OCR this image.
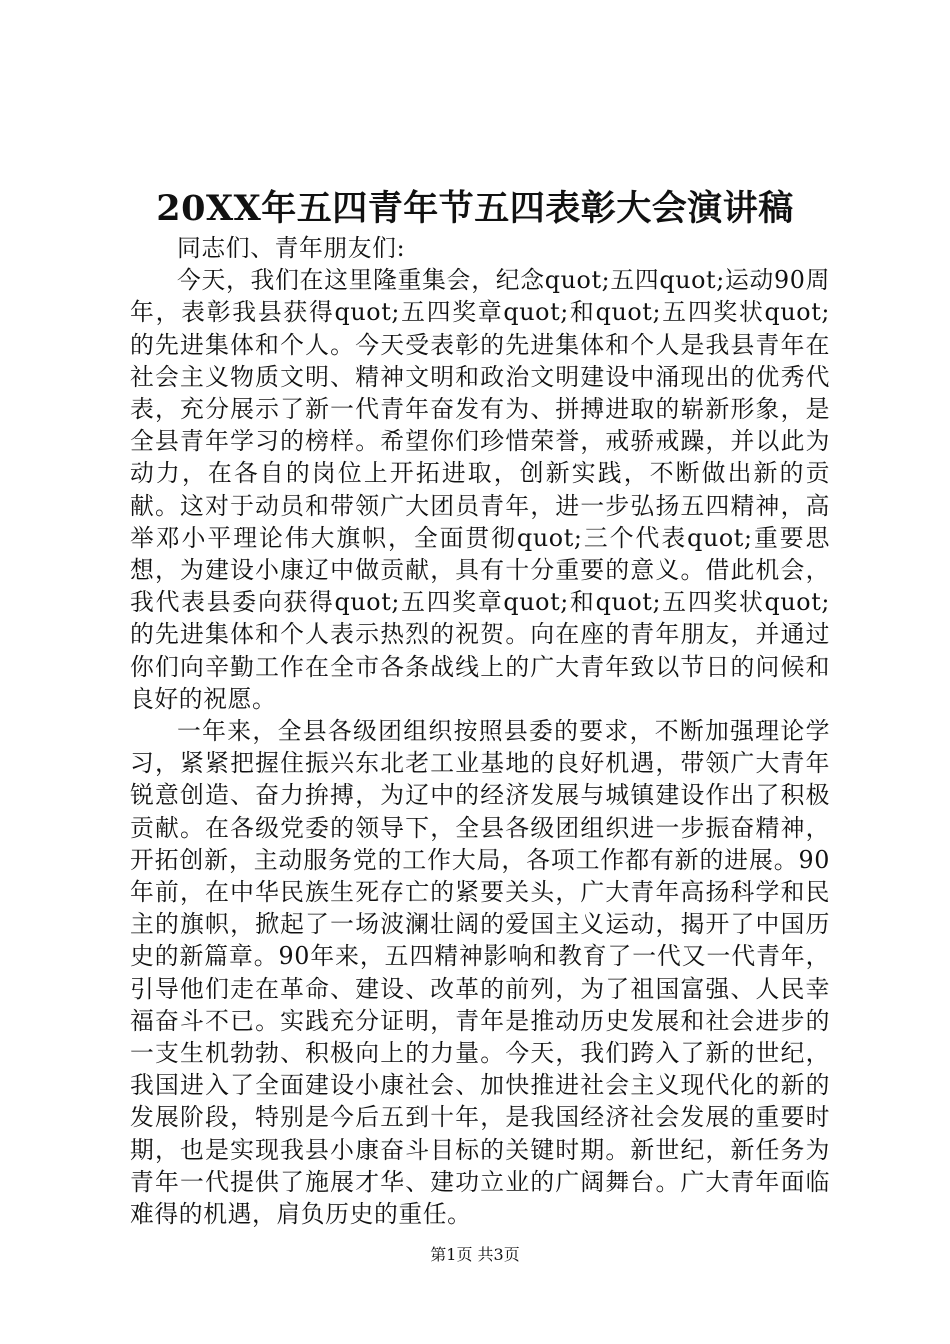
20XX年五四青年节五四表彰大会演讲稿

同志们、青年朋友们:

今天，我们在这里隆重集会，纪念quot;五四quot;运动90周年，表彰我县获得quot;五四奖章quot;和quot;五四奖状quot;的先进集体和个人。今天受表彰的先进集体和个人是我县青年在社会主义物质文明、精神文明和政治文明建设中涌现出的优秀代表，充分展示了新一代青年奋发有为、拼搏进取的崭新形象，是全县青年学习的榜样。希望你们珍惜荣誉，戒骄戒躁，并以此为动力，在各自的岗位上开拓进取，创新实践，不断做出新的贡献。这对于动员和带领广大团员青年，进一步弘扬五四精神，高举邓小平理论伟大旗帜，全面贯彻quot;三个代表quot;重要思想，为建设小康辽中做贡献，具有十分重要的意义。借此机会，我代表县委向获得quot;五四奖章quot;和quot;五四奖状quot;的先进集体和个人表示热烈的祝贺。向在座的青年朋友，并通过你们向辛勤工作在全市各条战线上的广大青年致以节日的问候和良好的祝愿。

一年来，全县各级团组织按照县委的要求，不断加强理论学习，紧紧把握住振兴东北老工业基地的良好机遇，带领广大青年锐意创造、奋力拚搏，为辽中的经济发展与城镇建设作出了积极贡献。在各级党委的领导下，全县各级团组织进一步振奋精神，开拓创新，主动服务党的工作大局，各项工作都有新的进展。90年前，在中华民族生死存亡的紧要关头，广大青年高扬科学和民主的旗帜，掀起了一场波澜壮阔的爱国主义运动，揭开了中国历史的新篇章。90年来，五四精神影响和教育了一代又一代青年，引导他们走在革命、建设、改革的前列，为了祖国富强、人民幸福奋斗不已。实践充分证明，青年是推动历史发展和社会进步的一支生机勃勃、积极向上的力量。今天，我们跨入了新的世纪，我国进入了全面建设小康社会、加快推进社会主义现代化的新的发展阶段，特别是今后五到十年，是我国经济社会发展的重要时期，也是实现我县小康奋斗目标的关键时期。新世纪，新任务为青年一代提供了施展才华、建功立业的广阔舞台。广大青年面临难得的机遇，肩负历史的重任。

第1页 共3页
